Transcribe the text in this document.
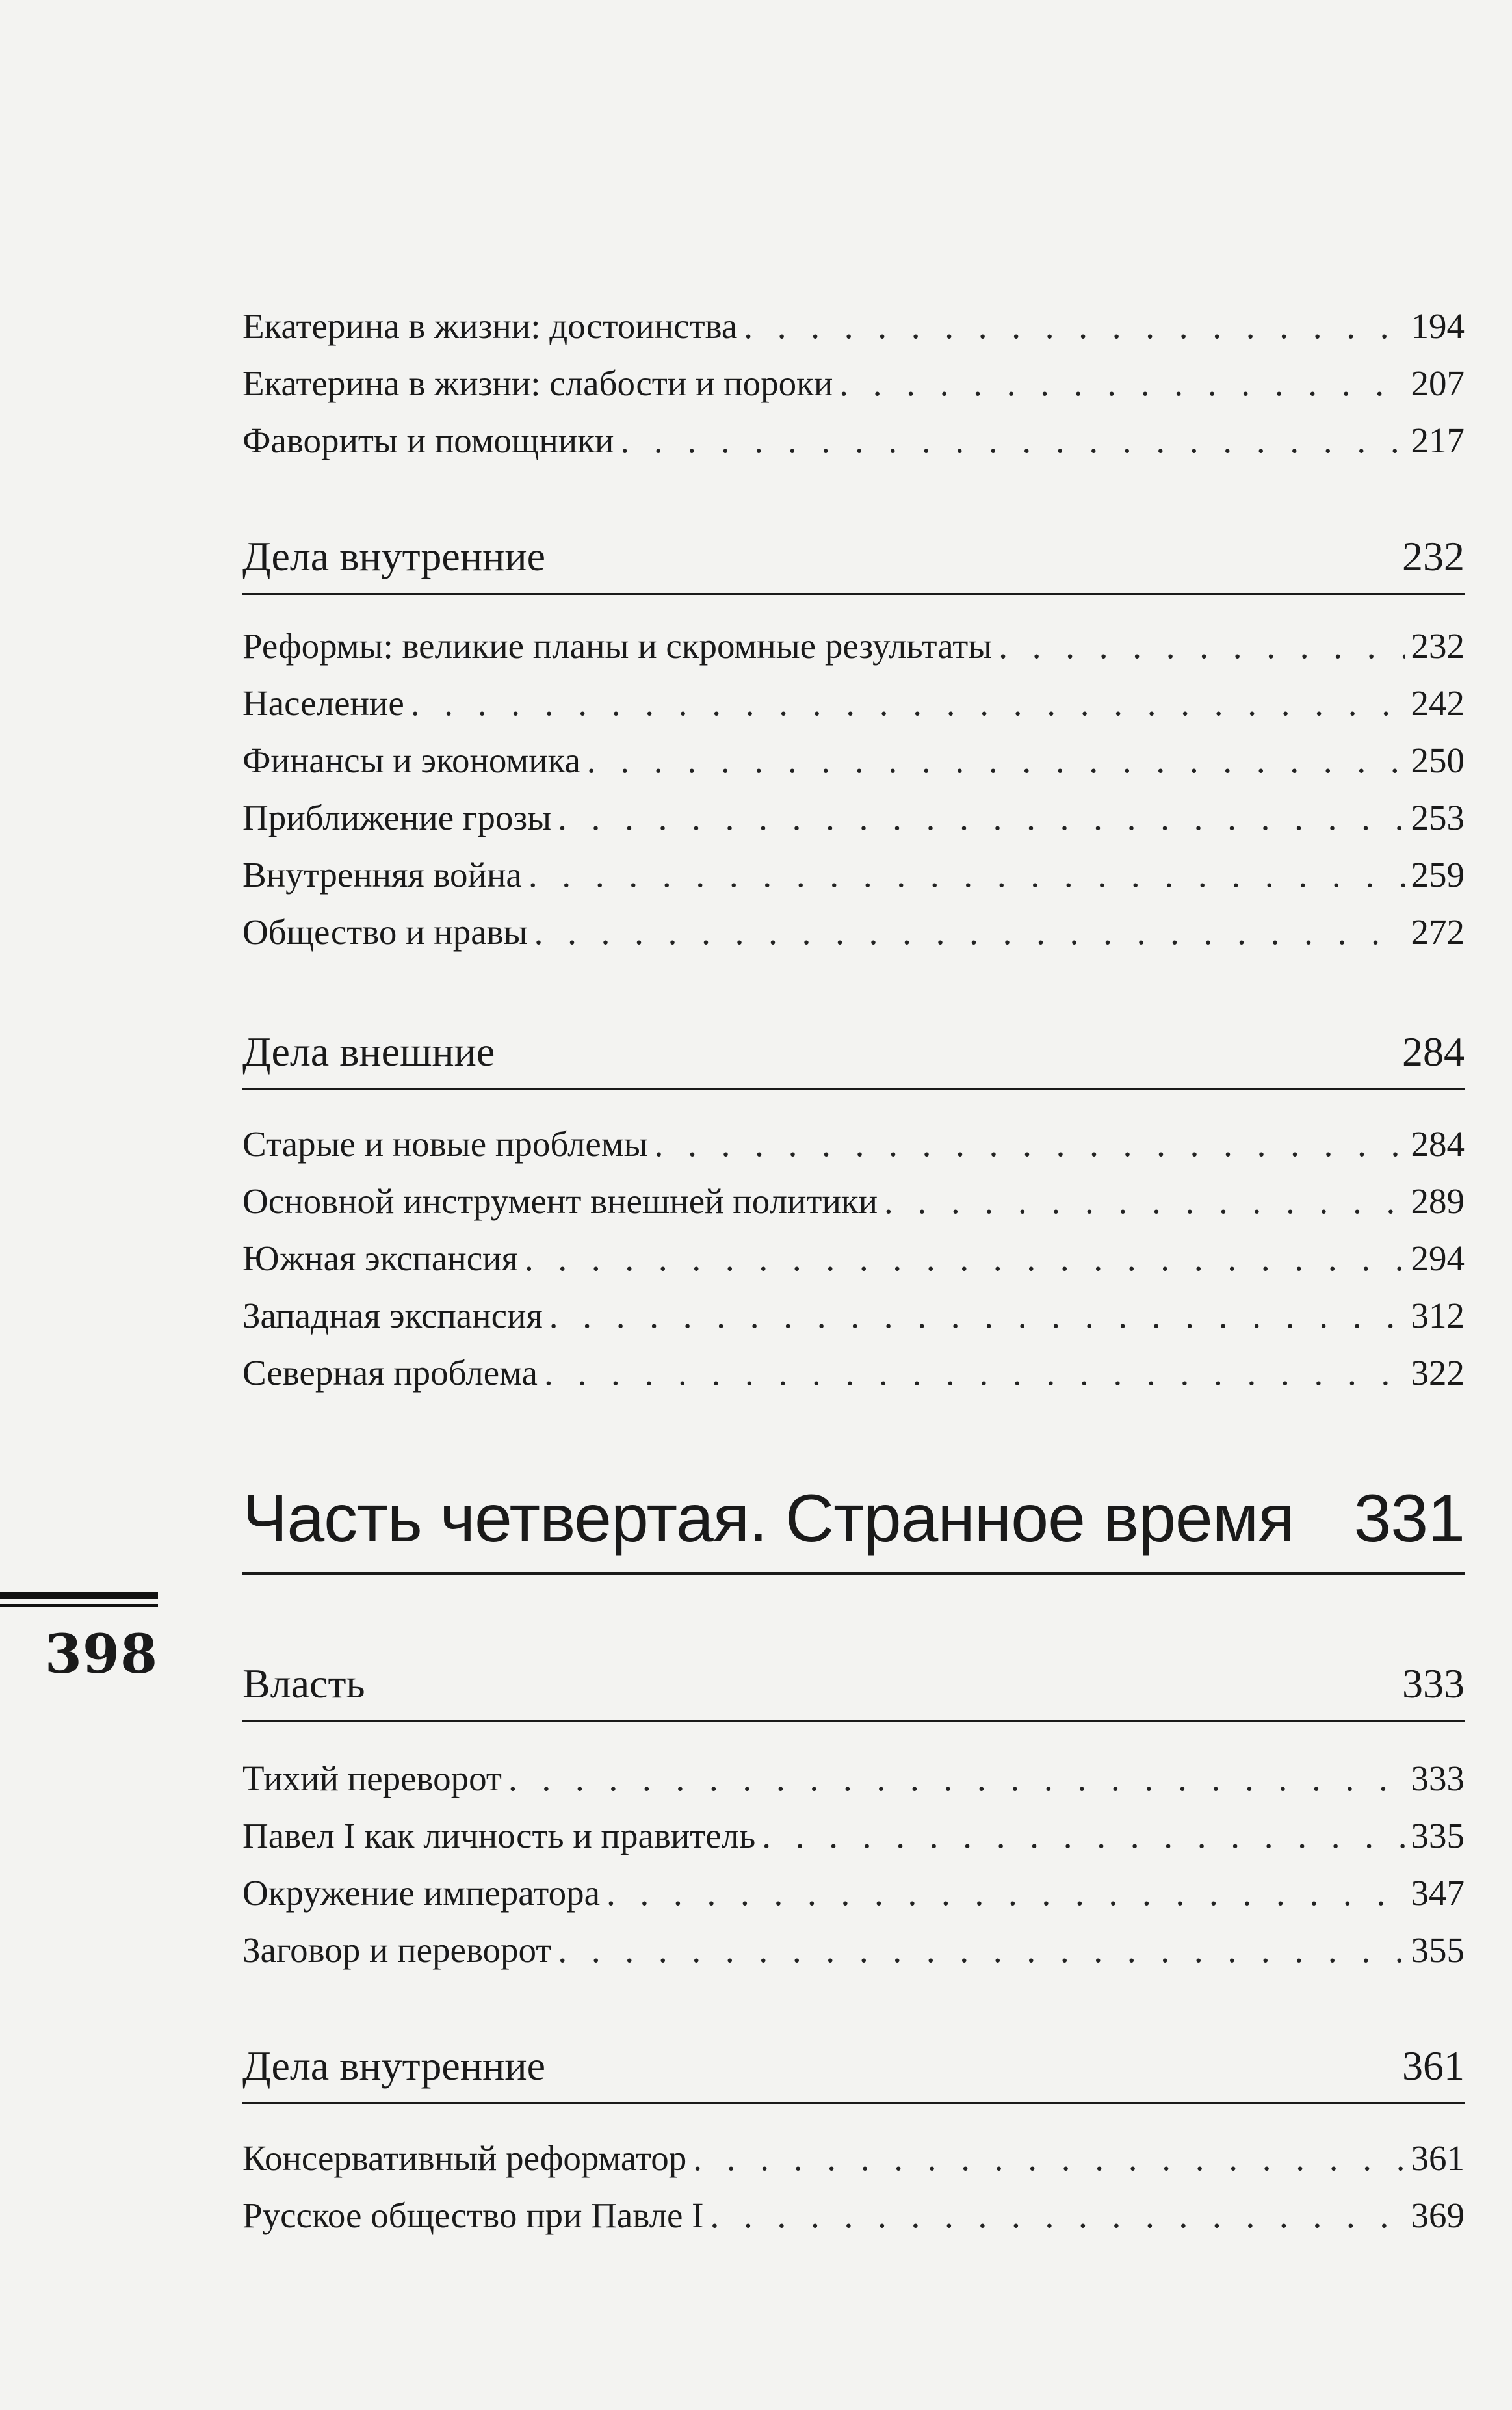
Екатерина в жизни: достоинства . . .	194
Екатерина в жизни: слабости и пороки . . .	207
Фавориты и помощники . . .	217
Дела внутренние	232
Реформы: великие планы и скромные результаты . . .	232
Население . . .	242
Финансы и экономика . . .	250
Приближение грозы . . .	253
Внутренняя война . . .	259
Общество и нравы . . .	272
Дела внешние	284
Старые и новые проблемы . . .	284
Основной инструмент внешней политики . . .	289
Южная экспансия . . .	294
Западная экспансия . . .	312
Северная проблема . . .	322
Часть четвертая. Странное время 331
Власть	333
Тихий переворот . . .	333
Павел I как личность и правитель . . .	335
Окружение императора . . .	347
Заговор и переворот . . .	355
Дела внутренние	361
Консервативный реформатор . . .	361
Русское общество при Павле I . . .	369
398
